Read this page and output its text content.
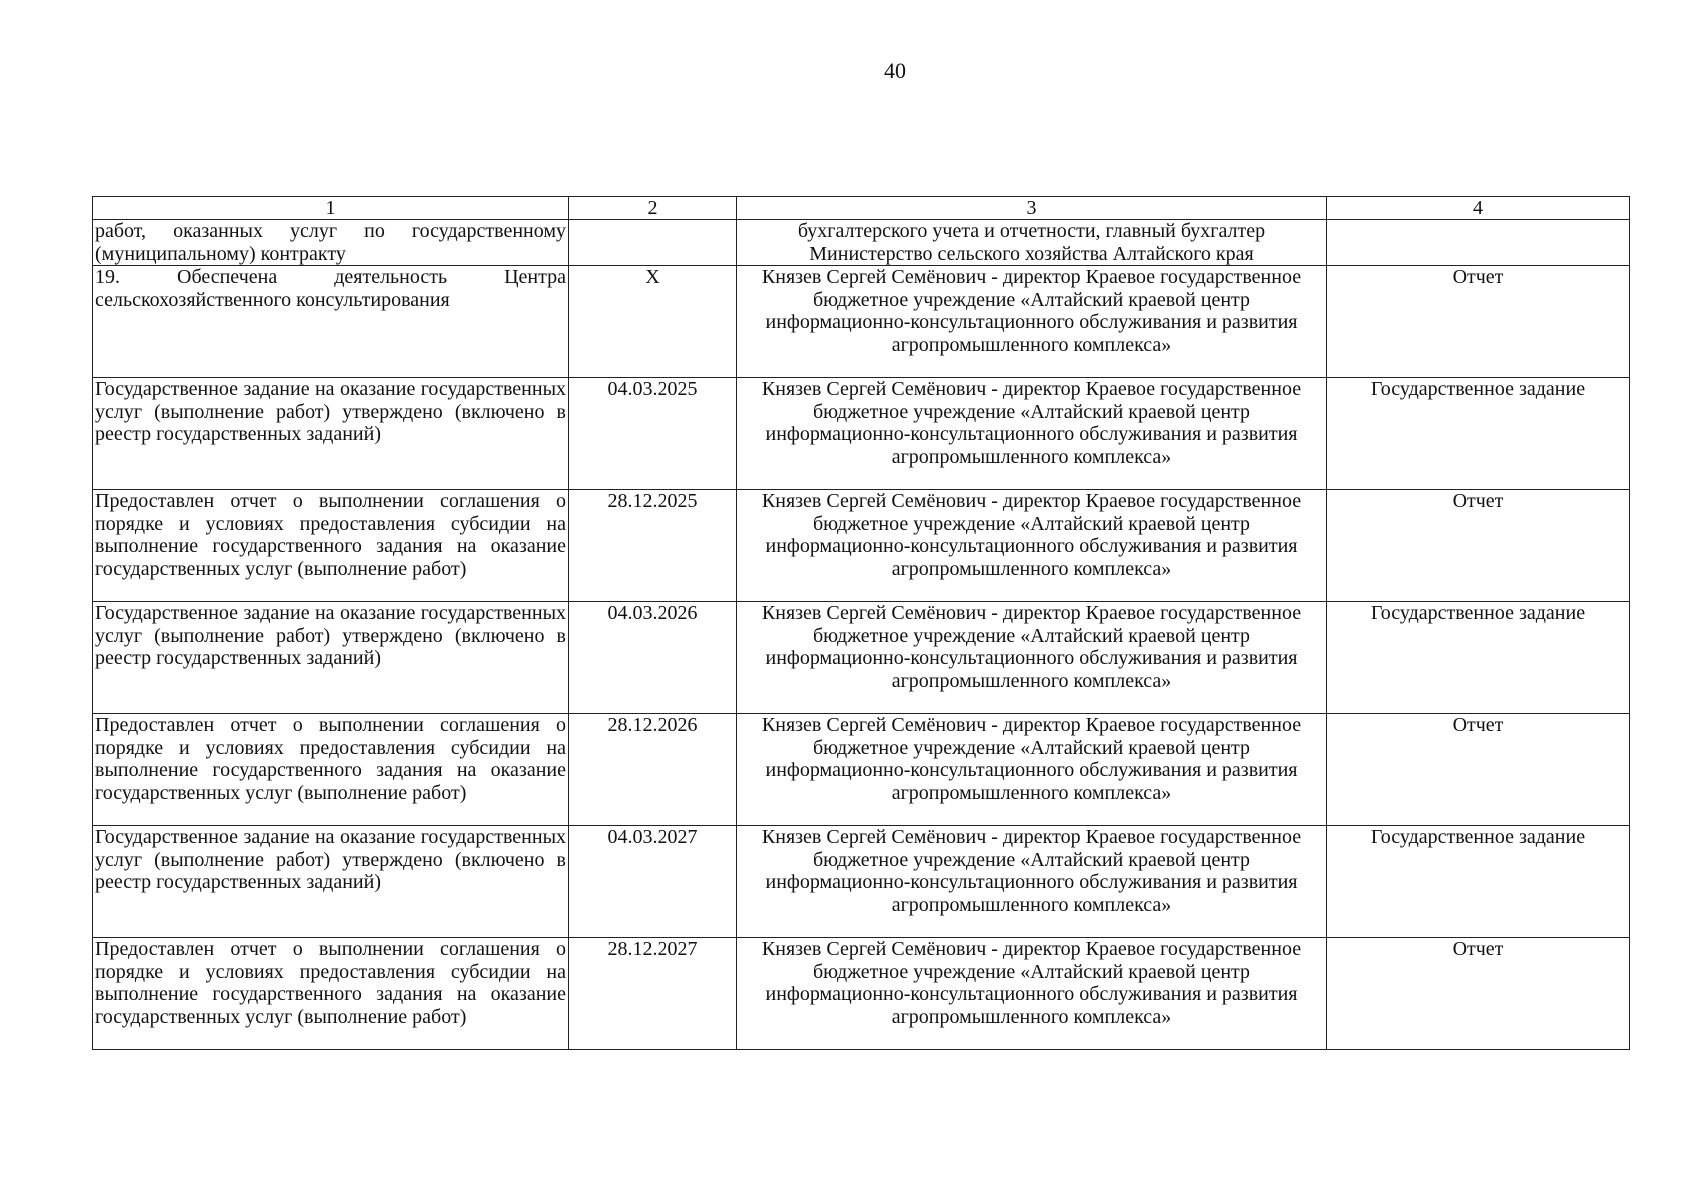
40
1	2	3	4
работ, оказанных услуг по государственному (муниципальному) контракту		бухгалтерского учета и отчетности, главный бухгалтер Министерство сельского хозяйства Алтайского края	
19. Обеспечена деятельность Центра сельскохозяйственного консультирования	Х	Князев Сергей Семёнович - директор Краевое государственное бюджетное учреждение «Алтайский краевой центр информационно-консультационного обслуживания и развития агропромышленного комплекса»	Отчет
Государственное задание на оказание государственных услуг (выполнение работ) утверждено (включено в реестр государственных заданий)	04.03.2025	Князев Сергей Семёнович - директор Краевое государственное бюджетное учреждение «Алтайский краевой центр информационно-консультационного обслуживания и развития агропромышленного комплекса»	Государственное задание
Предоставлен отчет о выполнении соглашения о порядке и условиях предоставления субсидии на выполнение государственного задания на оказание государственных услуг (выполнение работ)	28.12.2025	Князев Сергей Семёнович - директор Краевое государственное бюджетное учреждение «Алтайский краевой центр информационно-консультационного обслуживания и развития агропромышленного комплекса»	Отчет
Государственное задание на оказание государственных услуг (выполнение работ) утверждено (включено в реестр государственных заданий)	04.03.2026	Князев Сергей Семёнович - директор Краевое государственное бюджетное учреждение «Алтайский краевой центр информационно-консультационного обслуживания и развития агропромышленного комплекса»	Государственное задание
Предоставлен отчет о выполнении соглашения о порядке и условиях предоставления субсидии на выполнение государственного задания на оказание государственных услуг (выполнение работ)	28.12.2026	Князев Сергей Семёнович - директор Краевое государственное бюджетное учреждение «Алтайский краевой центр информационно-консультационного обслуживания и развития агропромышленного комплекса»	Отчет
Государственное задание на оказание государственных услуг (выполнение работ) утверждено (включено в реестр государственных заданий)	04.03.2027	Князев Сергей Семёнович - директор Краевое государственное бюджетное учреждение «Алтайский краевой центр информационно-консультационного обслуживания и развития агропромышленного комплекса»	Государственное задание
Предоставлен отчет о выполнении соглашения о порядке и условиях предоставления субсидии на выполнение государственного задания на оказание государственных услуг (выполнение работ)	28.12.2027	Князев Сергей Семёнович - директор Краевое государственное бюджетное учреждение «Алтайский краевой центр информационно-консультационного обслуживания и развития агропромышленного комплекса»	Отчет
